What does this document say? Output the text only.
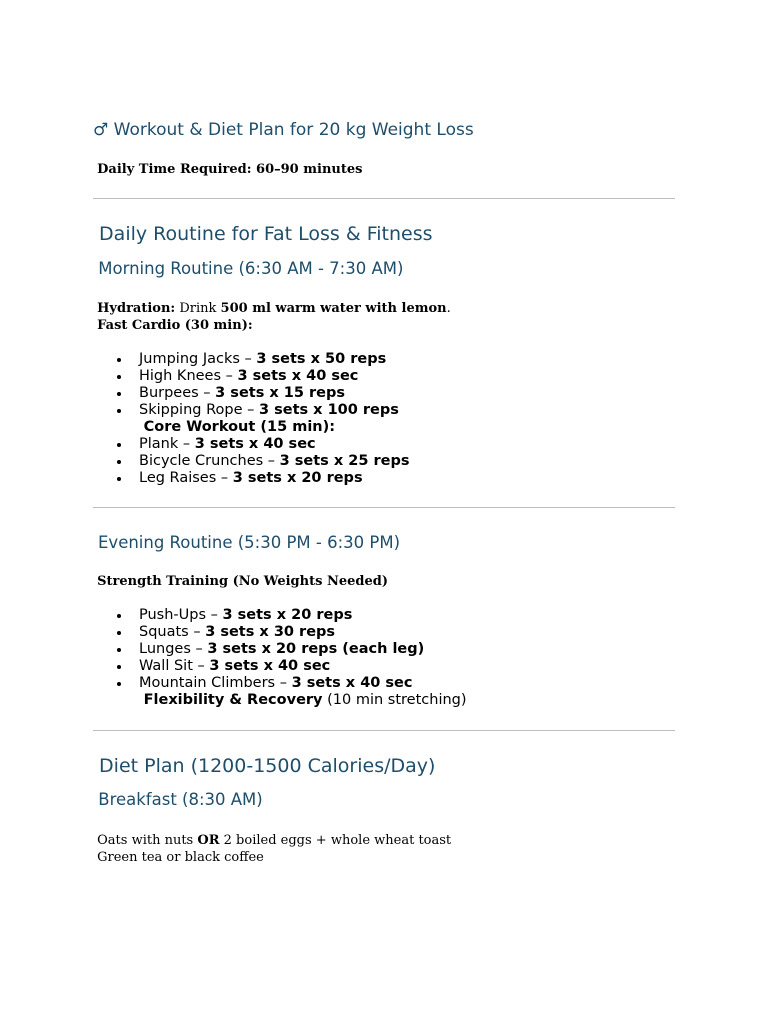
♂ Workout & Diet Plan for 20 kg Weight Loss
Daily Time Required: 60–90 minutes
Daily Routine for Fat Loss & Fitness
Morning Routine (6:30 AM - 7:30 AM)
Hydration: Drink 500 ml warm water with lemon.
Fast Cardio (30 min):
Jumping Jacks – 3 sets x 50 reps
High Knees – 3 sets x 40 sec
Burpees – 3 sets x 15 reps
Skipping Rope – 3 sets x 100 reps
Core Workout (15 min):
Plank – 3 sets x 40 sec
Bicycle Crunches – 3 sets x 25 reps
Leg Raises – 3 sets x 20 reps
Evening Routine (5:30 PM - 6:30 PM)
Strength Training (No Weights Needed)
Push-Ups – 3 sets x 20 reps
Squats – 3 sets x 30 reps
Lunges – 3 sets x 20 reps (each leg)
Wall Sit – 3 sets x 40 sec
Mountain Climbers – 3 sets x 40 sec
Flexibility & Recovery (10 min stretching)
Diet Plan (1200-1500 Calories/Day)
Breakfast (8:30 AM)
Oats with nuts OR 2 boiled eggs + whole wheat toast
Green tea or black coffee
